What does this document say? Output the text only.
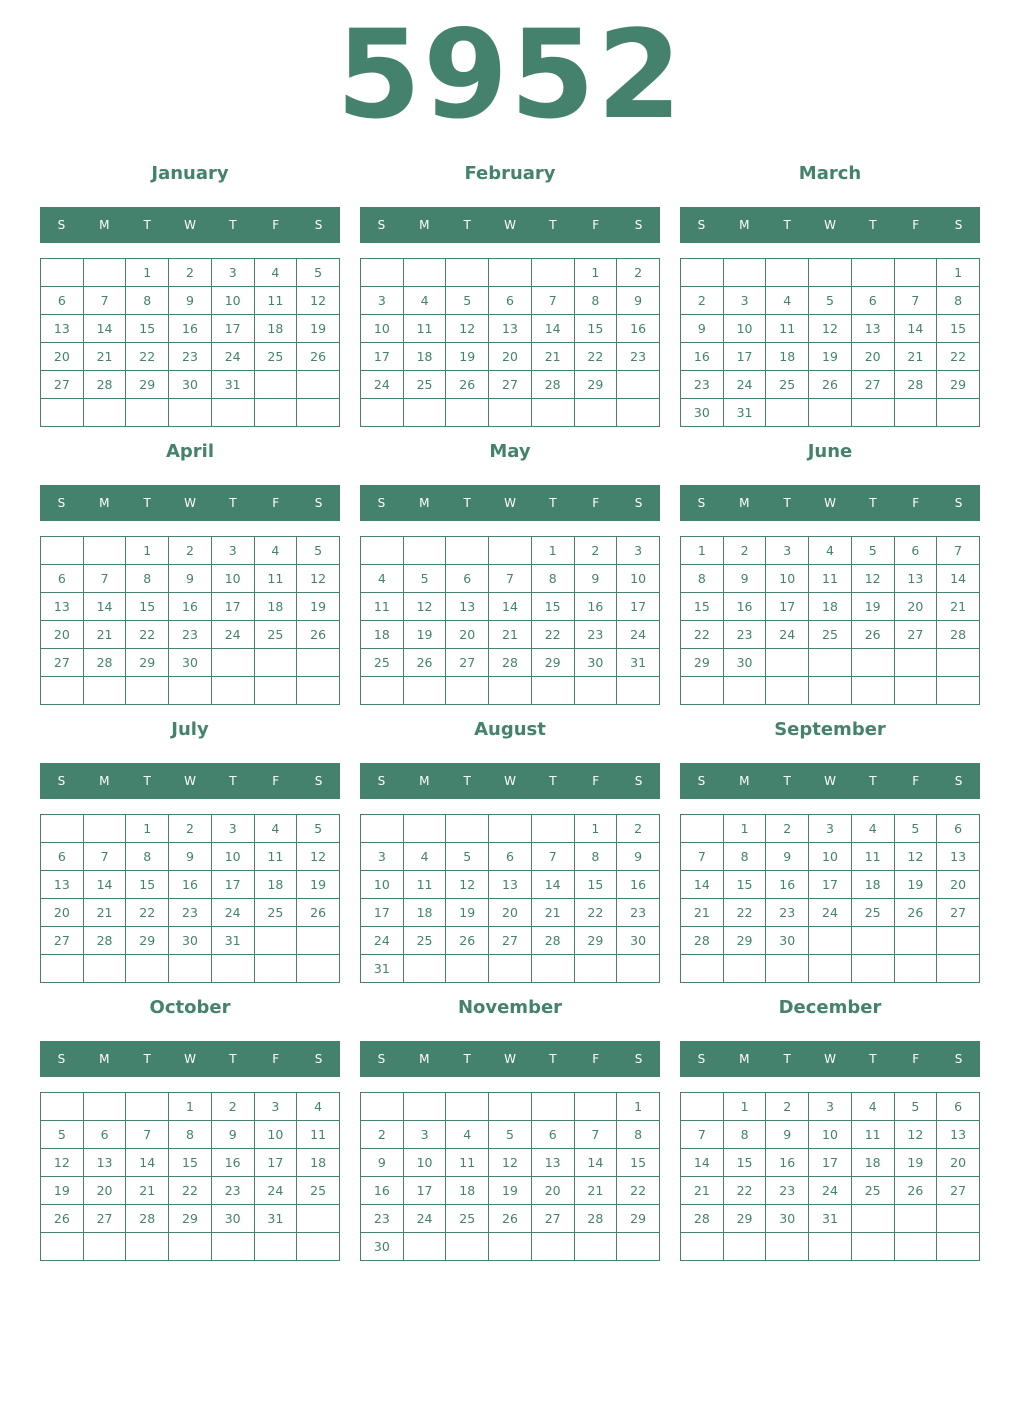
5952
January
S	M	T	W	T	F	S
		1	2	3	4	5
6	7	8	9	10	11	12
13	14	15	16	17	18	19
20	21	22	23	24	25	26
27	28	29	30	31		

February
S	M	T	W	T	F	S
					1	2
3	4	5	6	7	8	9
10	11	12	13	14	15	16
17	18	19	20	21	22	23
24	25	26	27	28	29	

March
S	M	T	W	T	F	S
						1
2	3	4	5	6	7	8
9	10	11	12	13	14	15
16	17	18	19	20	21	22
23	24	25	26	27	28	29
30	31					
April
S	M	T	W	T	F	S
		1	2	3	4	5
6	7	8	9	10	11	12
13	14	15	16	17	18	19
20	21	22	23	24	25	26
27	28	29	30			

May
S	M	T	W	T	F	S
				1	2	3
4	5	6	7	8	9	10
11	12	13	14	15	16	17
18	19	20	21	22	23	24
25	26	27	28	29	30	31

June
S	M	T	W	T	F	S
1	2	3	4	5	6	7
8	9	10	11	12	13	14
15	16	17	18	19	20	21
22	23	24	25	26	27	28
29	30					

July
S	M	T	W	T	F	S
		1	2	3	4	5
6	7	8	9	10	11	12
13	14	15	16	17	18	19
20	21	22	23	24	25	26
27	28	29	30	31		

August
S	M	T	W	T	F	S
					1	2
3	4	5	6	7	8	9
10	11	12	13	14	15	16
17	18	19	20	21	22	23
24	25	26	27	28	29	30
31						
September
S	M	T	W	T	F	S
	1	2	3	4	5	6
7	8	9	10	11	12	13
14	15	16	17	18	19	20
21	22	23	24	25	26	27
28	29	30				

October
S	M	T	W	T	F	S
			1	2	3	4
5	6	7	8	9	10	11
12	13	14	15	16	17	18
19	20	21	22	23	24	25
26	27	28	29	30	31	

November
S	M	T	W	T	F	S
						1
2	3	4	5	6	7	8
9	10	11	12	13	14	15
16	17	18	19	20	21	22
23	24	25	26	27	28	29
30						
December
S	M	T	W	T	F	S
	1	2	3	4	5	6
7	8	9	10	11	12	13
14	15	16	17	18	19	20
21	22	23	24	25	26	27
28	29	30	31			
